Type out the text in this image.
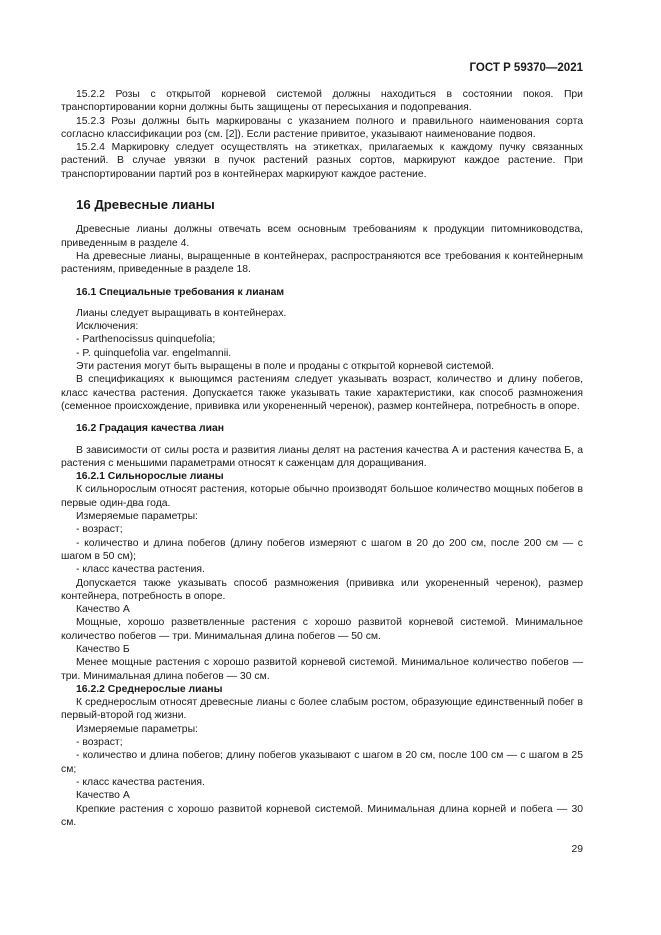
ГОСТ Р 59370—2021

15.2.2 Розы с открытой корневой системой должны находиться в состоянии покоя. При транспортировании корни должны быть защищены от пересыхания и подопревания.

15.2.3 Розы должны быть маркированы с указанием полного и правильного наименования сорта согласно классификации роз (см. [2]). Если растение привитое, указывают наименование подвоя.

15.2.4 Маркировку следует осуществлять на этикетках, прилагаемых к каждому пучку связанных растений. В случае увязки в пучок растений разных сортов, маркируют каждое растение. При транспортировании партий роз в контейнерах маркируют каждое растение.

16 Древесные лианы

Древесные лианы должны отвечать всем основным требованиям к продукции питомниководства, приведенным в разделе 4.

На древесные лианы, выращенные в контейнерах, распространяются все требования к контейнерным растениям, приведенные в разделе 18.

16.1 Специальные требования к лианам

Лианы следует выращивать в контейнерах.

Исключения:

- Parthenocissus quinquefolia;

- P. quinquefolia var. engelmannii.

Эти растения могут быть выращены в поле и проданы с открытой корневой системой.

В спецификациях к выющимся растениям следует указывать возраст, количество и длину побегов, класс качества растения. Допускается также указывать такие характеристики, как способ размножения (семенное происхождение, прививка или укорененный черенок), размер контейнера, потребность в опоре.

16.2 Градация качества лиан

В зависимости от силы роста и развития лианы делят на растения качества А и растения качества Б, а растения с меньшими параметрами относят к саженцам для доращивания.

16.2.1 Сильнорослые лианы

К сильнорослым относят растения, которые обычно производят большое количество мощных побегов в первые один-два года.

Измеряемые параметры:

- возраст;

- количество и длина побегов (длину побегов измеряют с шагом в 20 до 200 см, после 200 см — с шагом в 50 см);

- класс качества растения.

Допускается также указывать способ размножения (прививка или укорененный черенок), размер контейнера, потребность в опоре.

Качество А

Мощные, хорошо разветвленные растения с хорошо развитой корневой системой. Минимальное количество побегов — три. Минимальная длина побегов — 50 см.

Качество Б

Менее мощные растения с хорошо развитой корневой системой. Минимальное количество побегов — три. Минимальная длина побегов — 30 см.

16.2.2 Среднерослые лианы

К среднерослым относят древесные лианы с более слабым ростом, образующие единственный побег в первый-второй год жизни.

Измеряемые параметры:

- возраст;

- количество и длина побегов; длину побегов указывают с шагом в 20 см, после 100 см — с шагом в 25 см;

- класс качества растения.

Качество А

Крепкие растения с хорошо развитой корневой системой. Минимальная длина корней и побега — 30 см.

29
